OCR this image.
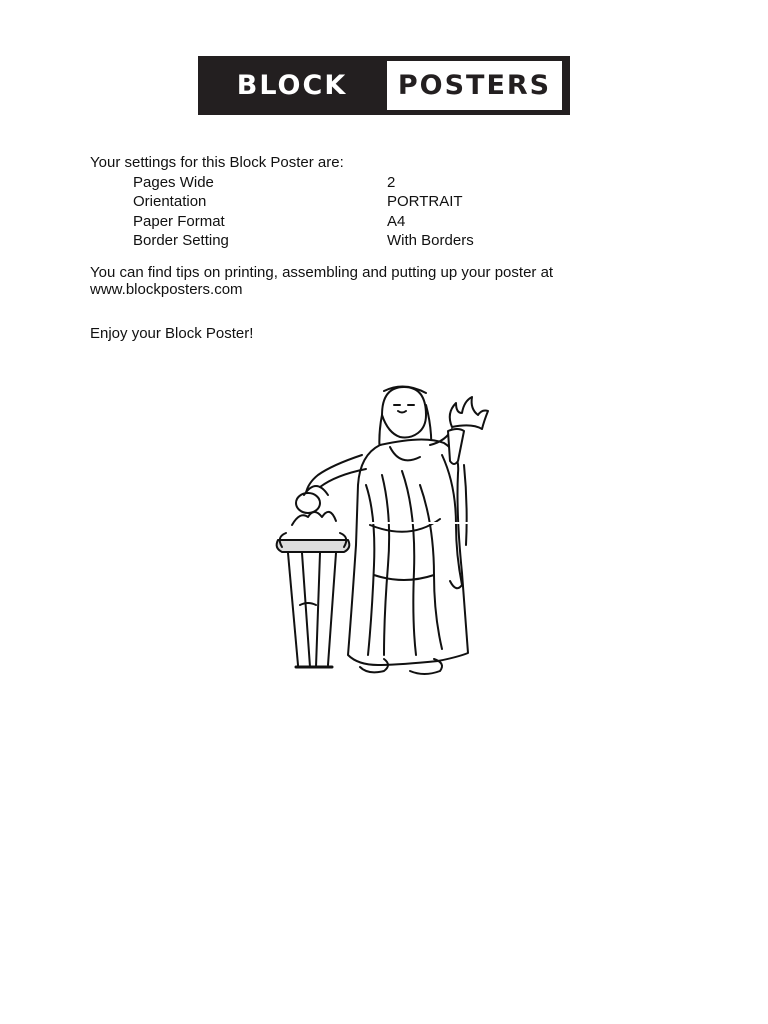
BLOCK	POSTERS
Your settings for this Block Poster are:
Pages Wide	2
Orientation	PORTRAIT
Paper Format	A4
Border Setting	With Borders
You can find tips on printing, assembling and putting up your poster at
www.blockposters.com
Enjoy your Block Poster!
